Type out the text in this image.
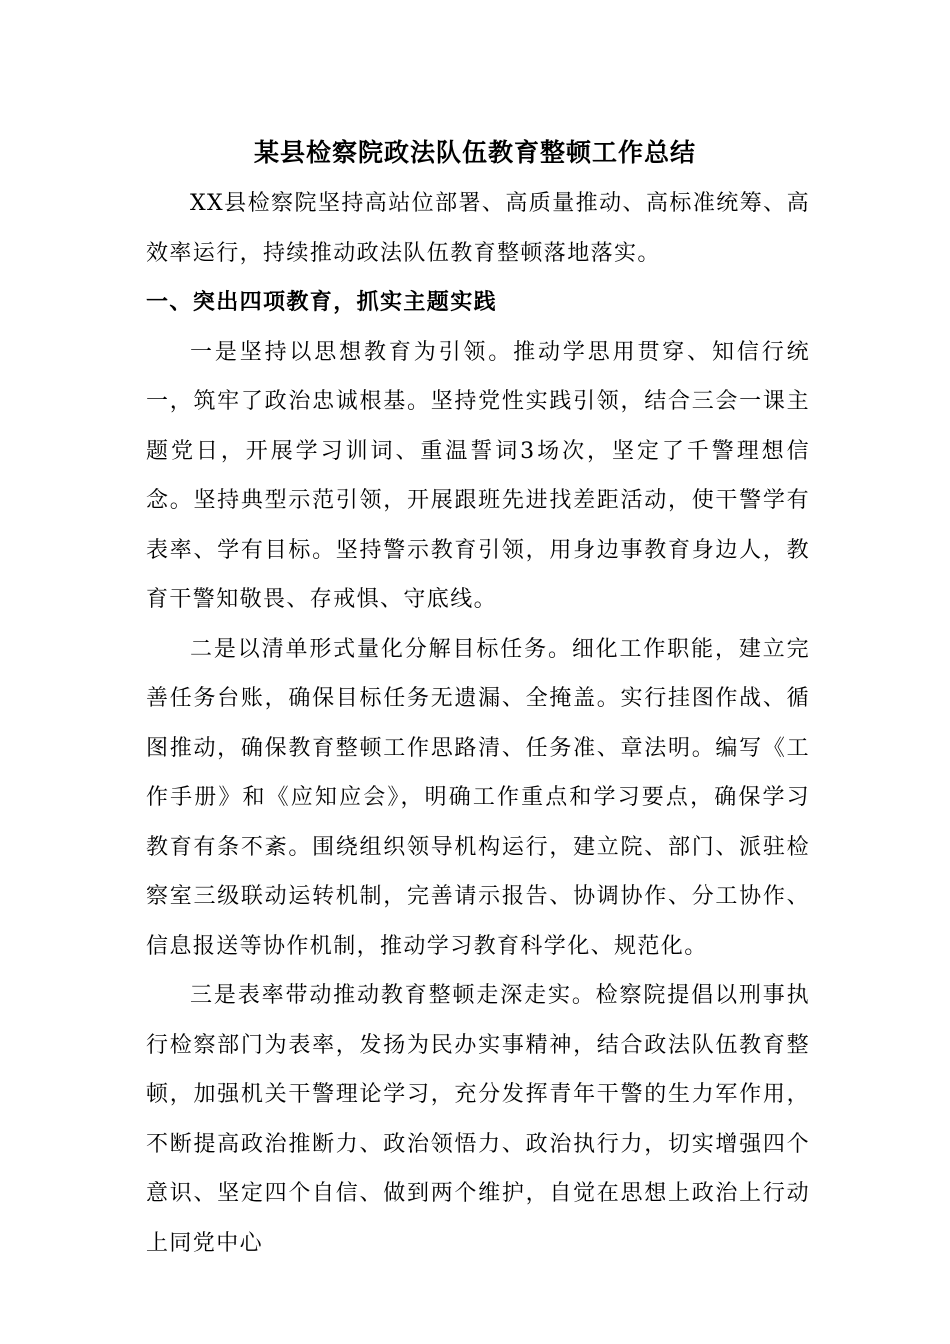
某县检察院政法队伍教育整顿工作总结

XX县检察院坚持高站位部署、高质量推动、高标准统筹、高效率运行，持续推动政法队伍教育整顿落地落实。

一、突出四项教育，抓实主题实践

一是坚持以思想教育为引领。推动学思用贯穿、知信行统一，筑牢了政治忠诚根基。坚持党性实践引领，结合三会一课主题党日，开展学习训词、重温誓词3场次，坚定了千警理想信念。坚持典型示范引领，开展跟班先进找差距活动，使干警学有表率、学有目标。坚持警示教育引领，用身边事教育身边人，教育干警知敬畏、存戒惧、守底线。

二是以清单形式量化分解目标任务。细化工作职能，建立完善任务台账，确保目标任务无遗漏、全掩盖。实行挂图作战、循图推动，确保教育整顿工作思路清、任务准、章法明。编写《工作手册》和《应知应会》，明确工作重点和学习要点，确保学习教育有条不紊。围绕组织领导机构运行，建立院、部门、派驻检察室三级联动运转机制，完善请示报告、协调协作、分工协作、信息报送等协作机制，推动学习教育科学化、规范化。

三是表率带动推动教育整顿走深走实。检察院提倡以刑事执行检察部门为表率，发扬为民办实事精神，结合政法队伍教育整顿，加强机关干警理论学习，充分发挥青年干警的生力军作用，不断提高政治推断力、政治领悟力、政治执行力，切实增强四个意识、坚定四个自信、做到两个维护，自觉在思想上政治上行动上同党中心
